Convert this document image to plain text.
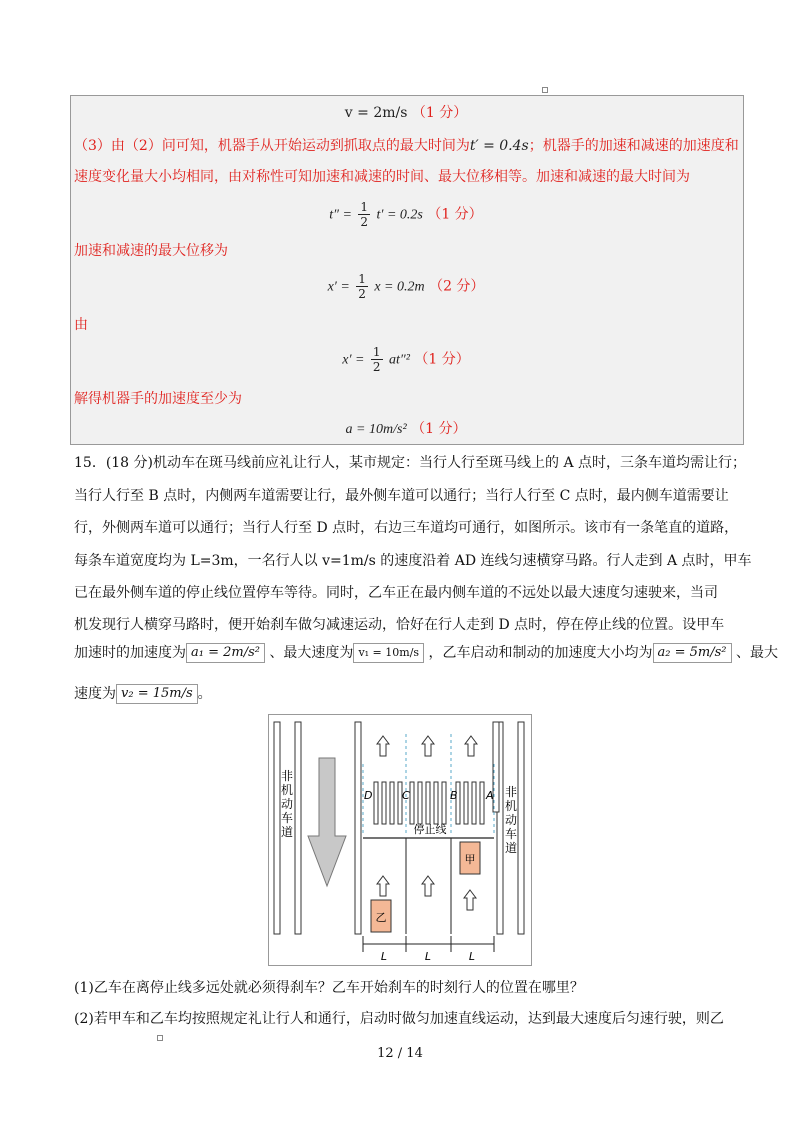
v = 2m/s （1 分）
（3）由（2）问可知，机器手从开始运动到抓取点的最大时间为t′ = 0.4s；机器手的加速和减速的加速度和
速度变化量大小均相同，由对称性可知加速和减速的时间、最大位移相等。加速和减速的最大时间为
$t'' = \frac{1}{2} t' = 0.2s$ （1 分）
加速和减速的最大位移为
$x' = \frac{1}{2}$ x = 0.2m （2 分）
由
$x' = \frac{1}{2} at''^2$ （1 分）
解得机器手的加速度至少为
a = 10m/s² （1 分）
15．(18 分)机动车在斑马线前应礼让行人，某市规定：当行人行至斑马线上的 A 点时，三条车道均需让行；
当行人行至 B 点时，内侧两车道需要让行，最外侧车道可以通行；当行人行至 C 点时，最内侧车道需要让
行，外侧两车道可以通行；当行人行至 D 点时，右边三车道均可通行，如图所示。该市有一条笔直的道路，
每条车道宽度均为 L=3m，一名行人以 v=1m/s 的速度沿着 AD 连线匀速横穿马路。行人走到 A 点时，甲车
已在最外侧车道的停止线位置停车等待。同时，乙车正在最内侧车道的不远处以最大速度匀速驶来，当司
机发现行人横穿马路时，便开始刹车做匀减速运动，恰好在行人走到 D 点时，停在停止线的位置。设甲车
加速时的加速度为 a₁ = 2m/s² 、最大速度为 v₁ = 10m/s ，乙车启动和制动的加速度大小均为 a₂ = 5m/s² 、最大
速度为 v₂ = 15m/s 。
非机动车道
非机动车道
D	C	B	A
停止线
甲
乙
L	L	L
(1)乙车在离停止线多远处就必须得刹车？乙车开始刹车的时刻行人的位置在哪里？
(2)若甲车和乙车均按照规定礼让行人和通行，启动时做匀加速直线运动，达到最大速度后匀速行驶，则乙
12 / 14
